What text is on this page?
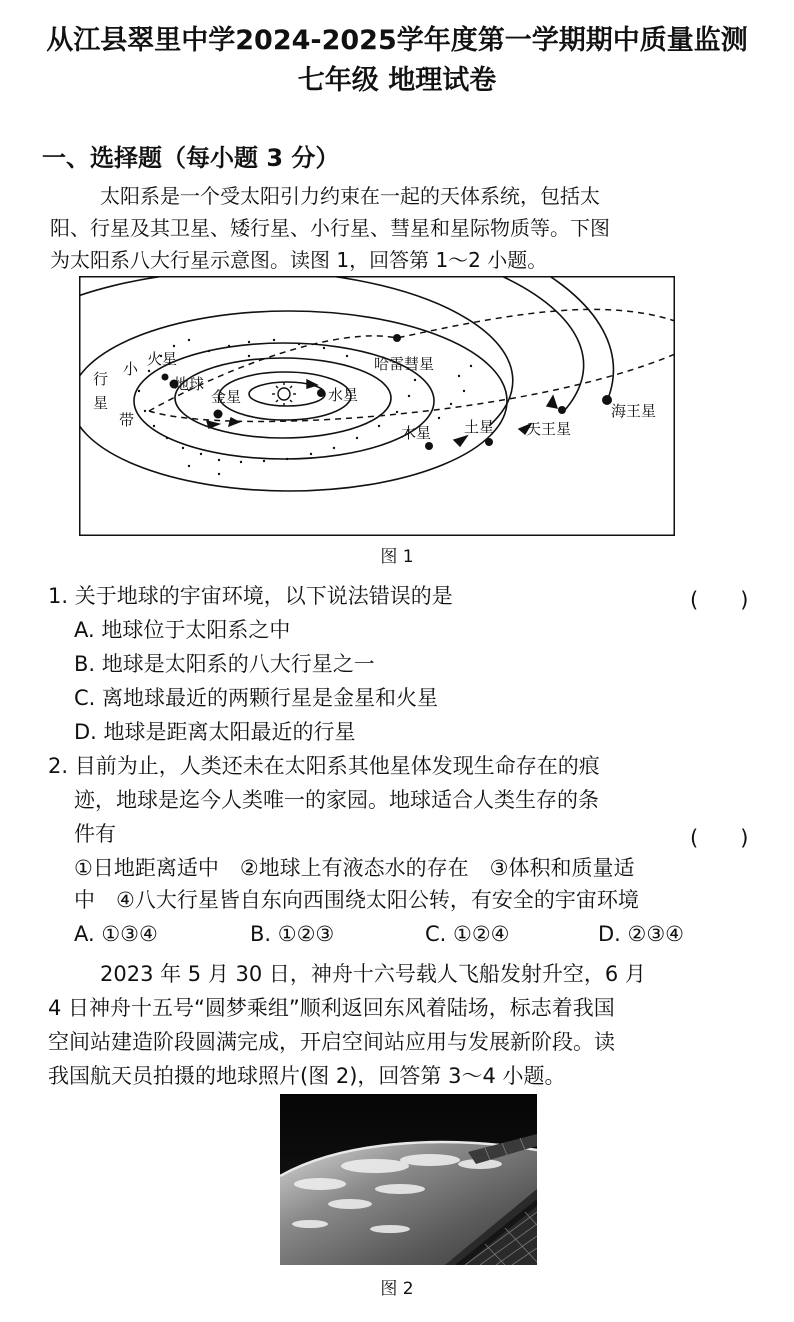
从江县翠里中学2024-2025学年度第一学期期中质量监测
七年级 地理试卷
一、选择题（每小题 3 分）
太阳系是一个受太阳引力约束在一起的天体系统，包括太
阳、行星及其卫星、矮行星、小行星、彗星和星际物质等。下图
为太阳系八大行星示意图。读图 1，回答第 1～2 小题。
行
星
小
带
火星
地球
金星	水星
哈雷彗星
木星 土星 天王星
海王星
图 1
1. 关于地球的宇宙环境，以下说法错误的是	(　　)
A. 地球位于太阳系之中
B. 地球是太阳系的八大行星之一
C. 离地球最近的两颗行星是金星和火星
D. 地球是距离太阳最近的行星
2. 目前为止，人类还未在太阳系其他星体发现生命存在的痕
迹，地球是迄今人类唯一的家园。地球适合人类生存的条
件有	(　　)
①日地距离适中　②地球上有液态水的存在　③体积和质量适
中　④八大行星皆自东向西围绕太阳公转，有安全的宇宙环境
A. ①③④	B. ①②③	C. ①②④	D. ②③④
2023 年 5 月 30 日，神舟十六号载人飞船发射升空，6 月
4 日神舟十五号“圆梦乘组”顺利返回东风着陆场，标志着我国
空间站建造阶段圆满完成，开启空间站应用与发展新阶段。读
我国航天员拍摄的地球照片(图 2)，回答第 3～4 小题。
图 2
